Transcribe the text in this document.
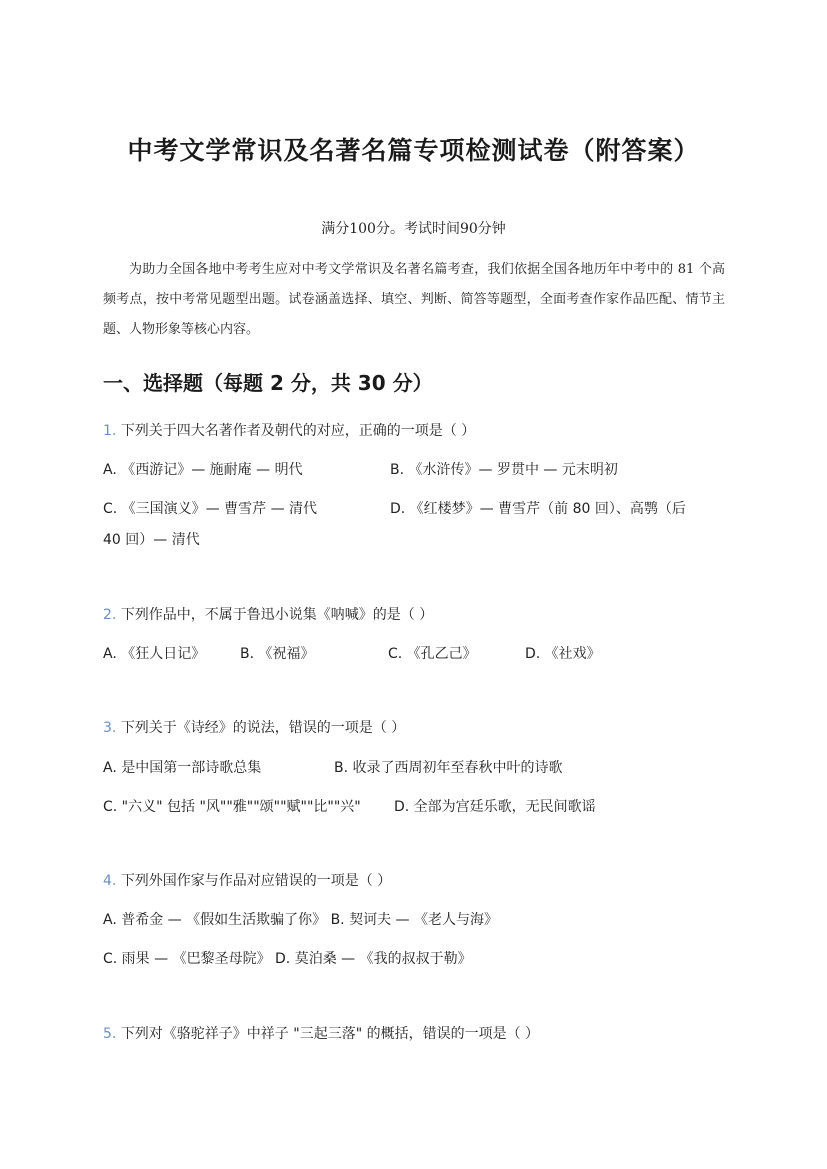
中考文学常识及名著名篇专项检测试卷（附答案）
满分100分。考试时间90分钟
为助力全国各地中考考生应对中考文学常识及名著名篇考查，我们依据全国各地历年中考中的 81 个高频考点，按中考常见题型出题。试卷涵盖选择、填空、判断、简答等题型，全面考查作家作品匹配、情节主题、人物形象等核心内容。
一、选择题（每题 2 分，共 30 分）
1. 下列关于四大名著作者及朝代的对应，正确的一项是（ ）
A. 《西游记》— 施耐庵 — 明代	B. 《水浒传》— 罗贯中 — 元末明初
C. 《三国演义》— 曹雪芹 — 清代	D. 《红楼梦》— 曹雪芹（前 80 回）、高鹗（后
40 回）— 清代
2. 下列作品中，不属于鲁迅小说集《呐喊》的是（ ）
A. 《狂人日记》 B. 《祝福》	C. 《孔乙己》	D. 《社戏》
3. 下列关于《诗经》的说法，错误的一项是（ ）
A. 是中国第一部诗歌总集	B. 收录了西周初年至春秋中叶的诗歌
C. "六义" 包括 "风""雅""颂""赋""比""兴" D. 全部为宫廷乐歌，无民间歌谣
4. 下列外国作家与作品对应错误的一项是（ ）
A. 普希金 — 《假如生活欺骗了你》 B. 契诃夫 — 《老人与海》
C. 雨果 — 《巴黎圣母院》 D. 莫泊桑 — 《我的叔叔于勒》
5. 下列对《骆驼祥子》中祥子 "三起三落" 的概括，错误的一项是（ ）
